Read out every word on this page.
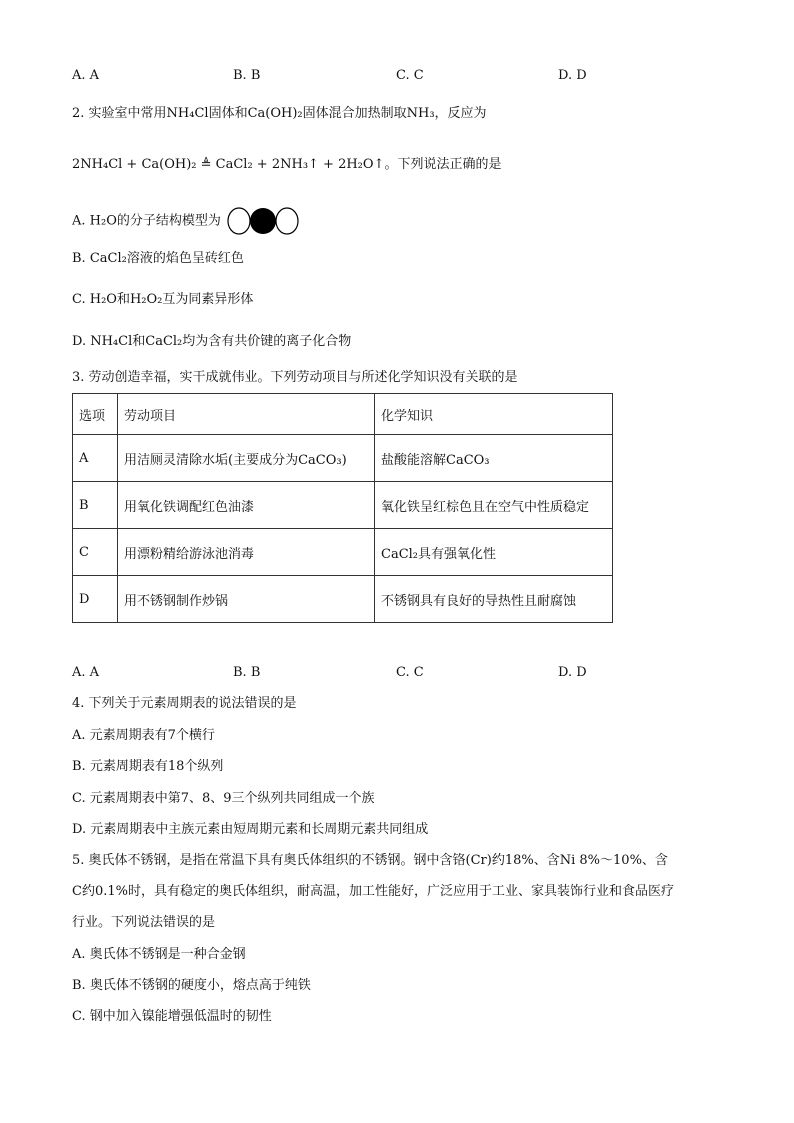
A. A	B. B	C. C	D. D
2. 实验室中常用NH₄Cl固体和Ca(OH)₂固体混合加热制取NH₃，反应为
2NH₄Cl + Ca(OH)₂ ≜ CaCl₂ + 2NH₃↑ + 2H₂O↑。下列说法正确的是
A. H₂O的分子结构模型为
B. CaCl₂溶液的焰色呈砖红色
C. H₂O和H₂O₂互为同素异形体
D. NH₄Cl和CaCl₂均为含有共价键的离子化合物
3. 劳动创造幸福，实干成就伟业。下列劳动项目与所述化学知识没有关联的是
选项	劳动项目	化学知识
A	用洁厕灵清除水垢(主要成分为CaCO₃)	盐酸能溶解CaCO₃
B	用氧化铁调配红色油漆	氧化铁呈红棕色且在空气中性质稳定
C	用漂粉精给游泳池消毒	CaCl₂具有强氧化性
D	用不锈钢制作炒锅	不锈钢具有良好的导热性且耐腐蚀
A. A	B. B	C. C	D. D
4. 下列关于元素周期表的说法错误的是
A. 元素周期表有7个横行
B. 元素周期表有18个纵列
C. 元素周期表中第7、8、9三个纵列共同组成一个族
D. 元素周期表中主族元素由短周期元素和长周期元素共同组成
5. 奥氏体不锈钢，是指在常温下具有奥氏体组织的不锈钢。钢中含铬(Cr)约18%、含Ni 8%～10%、含
C约0.1%时，具有稳定的奥氏体组织，耐高温，加工性能好，广泛应用于工业、家具装饰行业和食品医疗
行业。下列说法错误的是
A. 奥氏体不锈钢是一种合金钢
B. 奥氏体不锈钢的硬度小，熔点高于纯铁
C. 钢中加入镍能增强低温时的韧性
